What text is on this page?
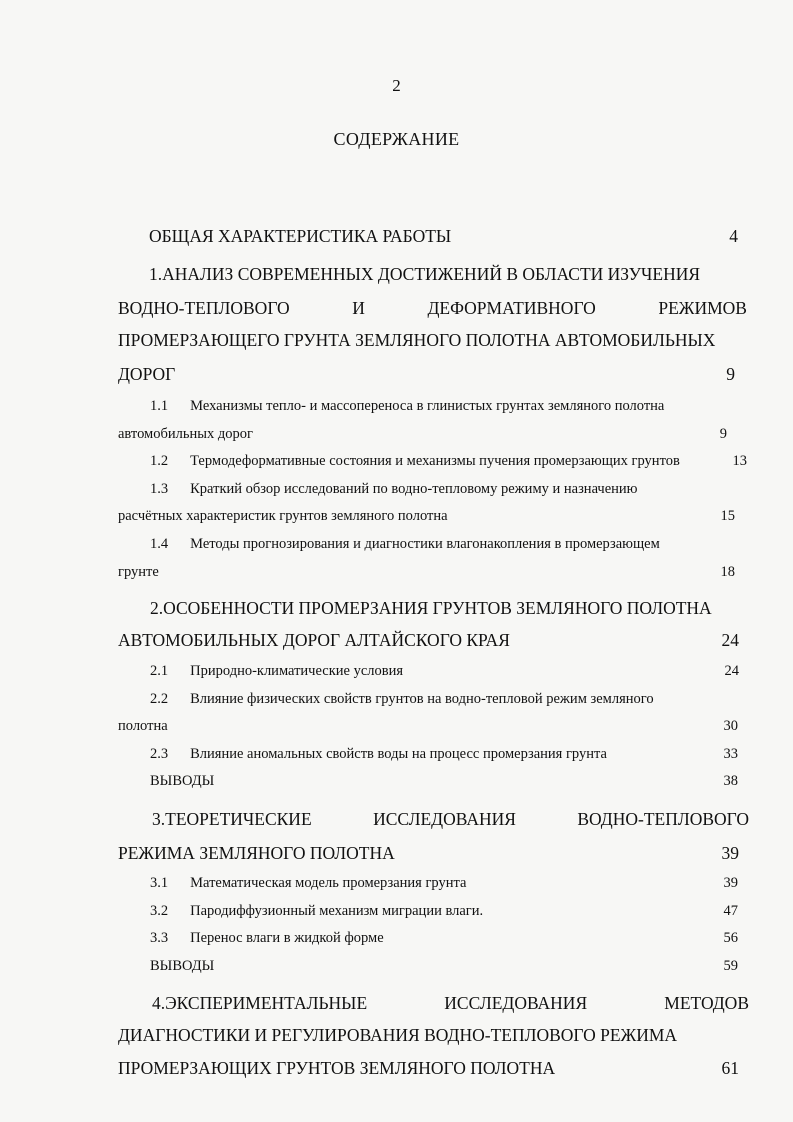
2
СОДЕРЖАНИЕ
ОБЩАЯ ХАРАКТЕРИСТИКА РАБОТЫ	4
1.АНАЛИЗ СОВРЕМЕННЫХ ДОСТИЖЕНИЙ В ОБЛАСТИ ИЗУЧЕНИЯ
ВОДНО-ТЕПЛОВОГО	И	ДЕФОРМАТИВНОГО	РЕЖИМОВ
ПРОМЕРЗАЮЩЕГО ГРУНТА ЗЕМЛЯНОГО ПОЛОТНА АВТОМОБИЛЬНЫХ
ДОРОГ	9
1.1 Механизмы тепло- и массопереноса в глинистых грунтах земляного полотна
автомобильных дорог	9
1.2 Термодеформативные состояния и механизмы пучения промерзающих грунтов	13
1.3 Краткий обзор исследований по водно-тепловому режиму и назначению
расчётных характеристик грунтов земляного полотна	15
1.4 Методы прогнозирования и диагностики влагонакопления в промерзающем
грунте	18
2.ОСОБЕННОСТИ ПРОМЕРЗАНИЯ ГРУНТОВ ЗЕМЛЯНОГО ПОЛОТНА
АВТОМОБИЛЬНЫХ ДОРОГ АЛТАЙСКОГО КРАЯ	24
2.1 Природно-климатические условия	24
2.2 Влияние физических свойств грунтов на водно-тепловой режим земляного
полотна	30
2.3 Влияние аномальных свойств воды на процесс промерзания грунта	33
ВЫВОДЫ	38
3.ТЕОРЕТИЧЕСКИЕ	ИССЛЕДОВАНИЯ	ВОДНО-ТЕПЛОВОГО
РЕЖИМА ЗЕМЛЯНОГО ПОЛОТНА	39
3.1 Математическая модель промерзания грунта	39
3.2 Пародиффузионный механизм миграции влаги.	47
3.3 Перенос влаги в жидкой форме	56
ВЫВОДЫ	59
4.ЭКСПЕРИМЕНТАЛЬНЫЕ	ИССЛЕДОВАНИЯ	МЕТОДОВ
ДИАГНОСТИКИ И РЕГУЛИРОВАНИЯ ВОДНО-ТЕПЛОВОГО РЕЖИМА
ПРОМЕРЗАЮЩИХ ГРУНТОВ ЗЕМЛЯНОГО ПОЛОТНА	61
